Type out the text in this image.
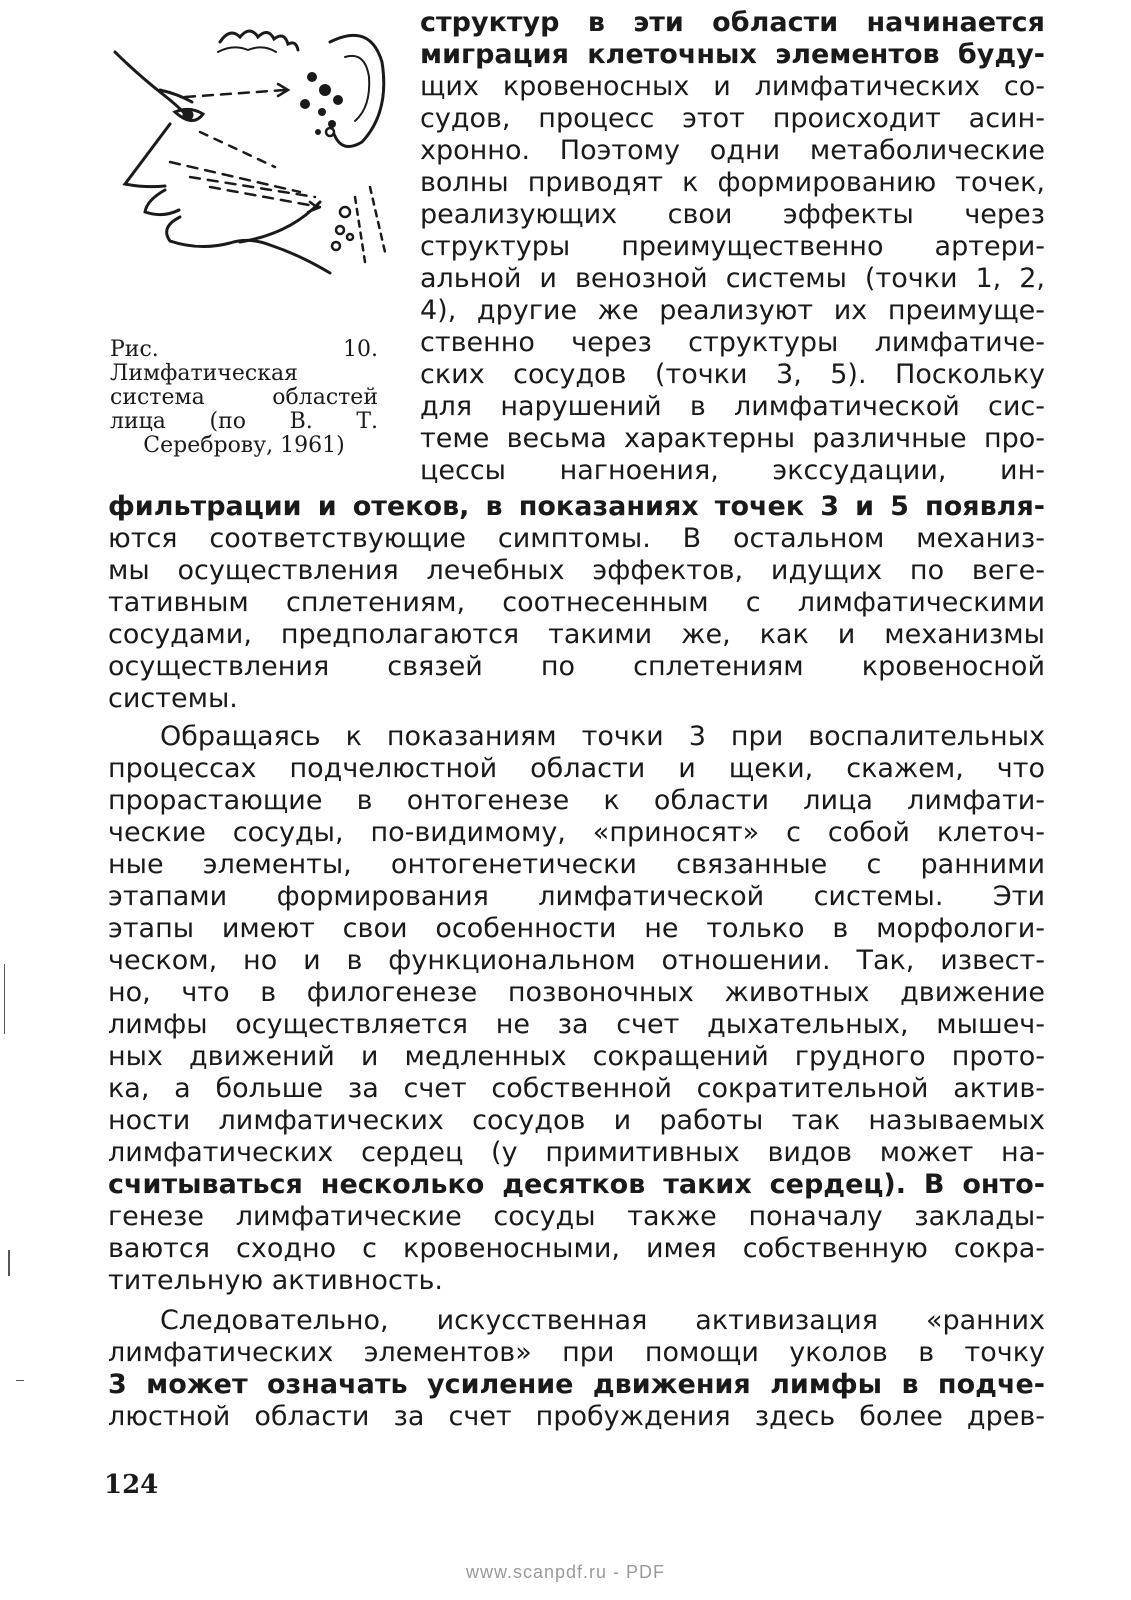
Рис. 10. Лимфатическая система областей лица (по В. Т. Сереброву, 1961)
структур в эти области начинается
миграция клеточных элементов буду-
щих кровеносных и лимфатических со-
судов, процесс этот происходит асин-
хронно. Поэтому одни метаболические
волны приводят к формированию точек,
реализующих свои эффекты через
структуры преимущественно артери-
альной и венозной системы (точки 1, 2,
4), другие же реализуют их преимуще-
ственно через структуры лимфатиче-
ских сосудов (точки 3, 5). Поскольку
для нарушений в лимфатической сис-
теме весьма характерны различные про-
цессы нагноения, экссудации, ин-
фильтрации и отеков, в показаниях точек 3 и 5 появля-
ются соответствующие симптомы. В остальном механиз-
мы осуществления лечебных эффектов, идущих по веге-
тативным сплетениям, соотнесенным с лимфатическими
сосудами, предполагаются такими же, как и механизмы
осуществления связей по сплетениям кровеносной
системы.
Обращаясь к показаниям точки 3 при воспалительных
процессах подчелюстной области и щеки, скажем, что
прорастающие в онтогенезе к области лица лимфати-
ческие сосуды, по-видимому, «приносят» с собой клеточ-
ные элементы, онтогенетически связанные с ранними
этапами формирования лимфатической системы. Эти
этапы имеют свои особенности не только в морфологи-
ческом, но и в функциональном отношении. Так, извест-
но, что в филогенезе позвоночных животных движение
лимфы осуществляется не за счет дыхательных, мышеч-
ных движений и медленных сокращений грудного прото-
ка, а больше за счет собственной сократительной актив-
ности лимфатических сосудов и работы так называемых
лимфатических сердец (у примитивных видов может на-
считываться несколько десятков таких сердец). В онто-
генезе лимфатические сосуды также поначалу заклады-
ваются сходно с кровеносными, имея собственную сокра-
тительную активность.
Следовательно, искусственная активизация «ранних
лимфатических элементов» при помощи уколов в точку
3 может означать усиление движения лимфы в подче-
люстной области за счет пробуждения здесь более древ-
124
www.scanpdf.ru - PDF
